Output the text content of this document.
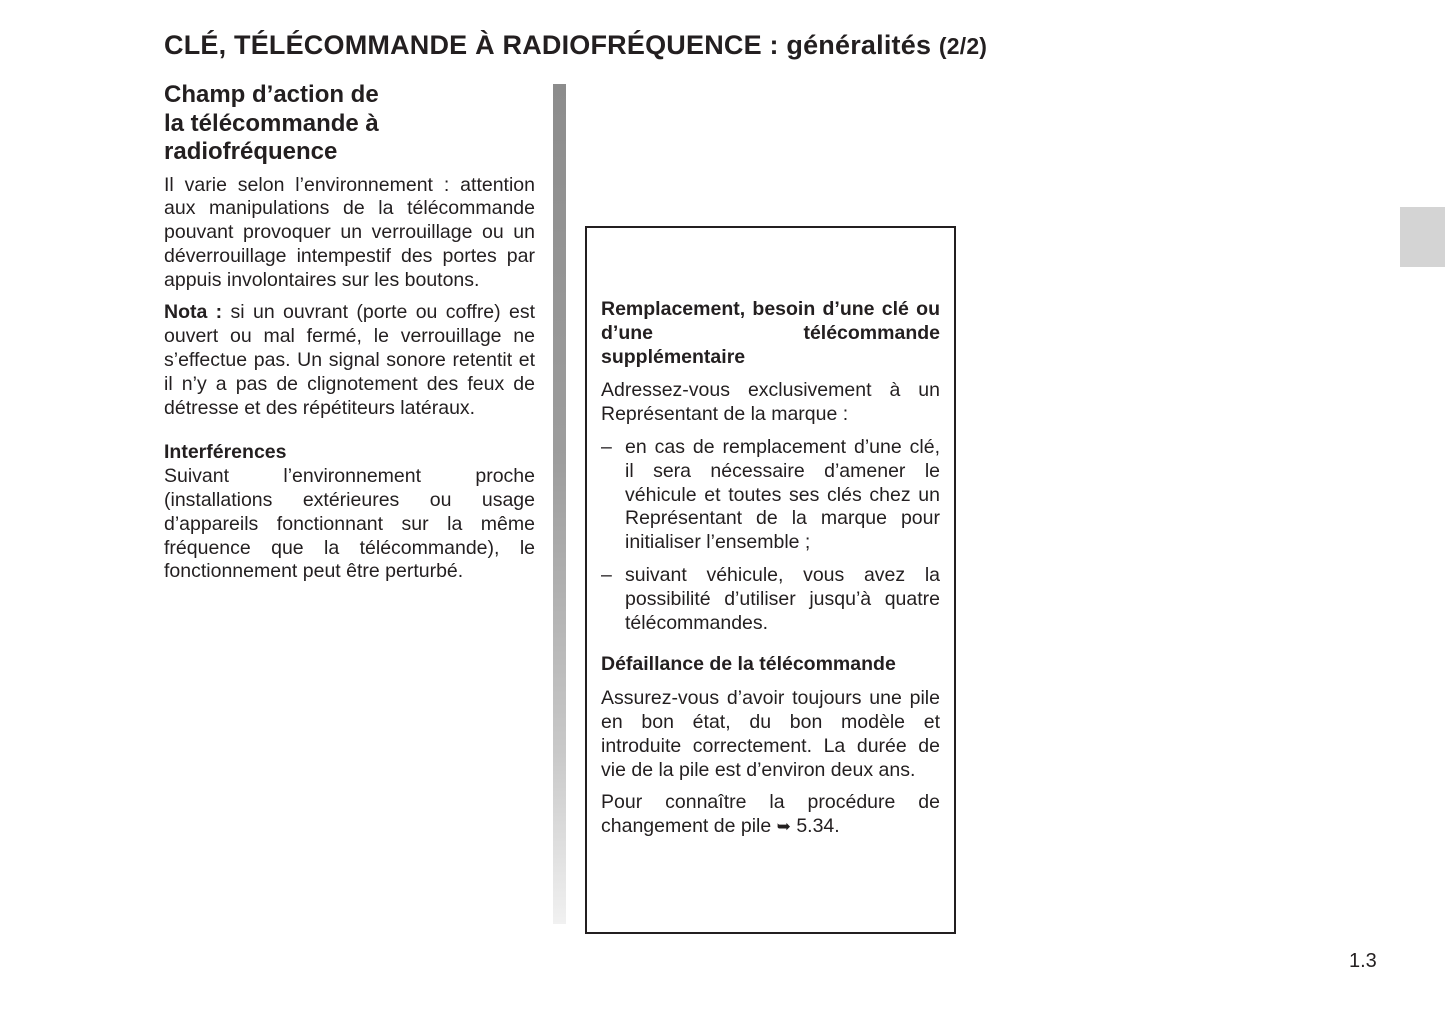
CLÉ, TÉLÉCOMMANDE À RADIOFRÉQUENCE : généralités (2/2)
Champ d’action de
la télécommande à
radiofréquence

Il varie selon l’environnement : attention aux manipulations de la télécommande pouvant provoquer un verrouillage ou un déverrouillage intempestif des portes par appuis involontaires sur les boutons.

Nota : si un ouvrant (porte ou coffre) est ouvert ou mal fermé, le verrouillage ne s’effectue pas. Un signal sonore retentit et il n’y a pas de clignotement des feux de détresse et des répétiteurs latéraux.

Interférences

Suivant l’environnement proche (installations extérieures ou usage d’appareils fonctionnant sur la même fréquence que la télécommande), le fonctionnement peut être perturbé.

Remplacement, besoin d’une clé ou d’une télécommande supplémentaire

Adressez-vous exclusivement à un Représentant de la marque :

– en cas de remplacement d’une clé, il sera nécessaire d’amener le véhicule et toutes ses clés chez un Représentant de la marque pour initialiser l’ensemble ;
– suivant véhicule, vous avez la possibilité d’utiliser jusqu’à quatre télécommandes.
Défaillance de la télécommande

Assurez-vous d’avoir toujours une pile en bon état, du bon modèle et introduite correctement. La durée de vie de la pile est d’environ deux ans.

Pour connaître la procédure de changement de pile ➥ 5.34.

1.3
